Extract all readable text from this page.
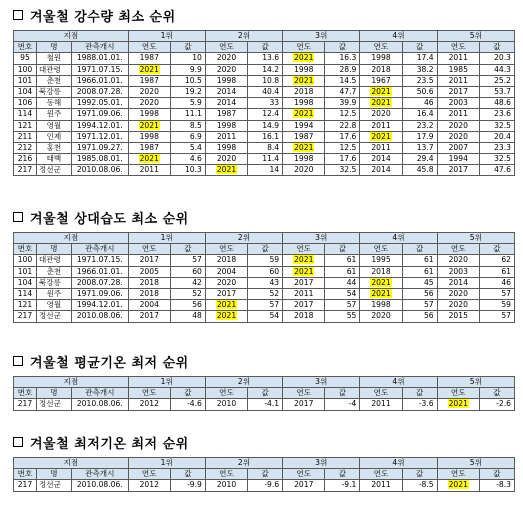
겨울철 강수량 최소 순위
지점			1위		2위		3위		4위		5위	
번호	명	관측개시	연도	값	연도	값	연도	값	연도	값	연도	값
95	철원	1988.01.01.	1987	10	2020	13.6	2021	16.3	1998	17.4	2011	20.3
100	대관령	1971.07.15.	2021	9.9	2020	14.2	1998	28.9	2018	38.2	1985	44.3
101	춘천	1966.01.01.	1987	10.5	1998	10.8	2021	14.5	1967	23.5	2011	25.2
104	북강릉	2008.07.28.	2020	19.2	2014	40.4	2018	47.7	2021	50.6	2017	53.7
106	동해	1992.05.01.	2020	5.9	2014	33	1998	39.9	2021	46	2003	48.6
114	원주	1971.09.06.	1998	11.1	1987	12.4	2021	12.5	2020	16.4	2011	23.6
121	영월	1994.12.01.	2021	8.5	1998	14.9	1994	22.8	2011	23.2	2020	32.5
211	인제	1971.12.01.	1998	6.9	2011	16.1	1987	17.6	2021	17.9	2020	20.4
212	홍천	1971.09.27.	1987	5.4	1998	8.4	2021	12.5	2011	13.7	2007	23.3
216	태백	1985.08.01.	2021	4.6	2020	11.4	1998	17.6	2014	29.4	1994	32.5
217	정선군	2010.08.06.	2011	10.3	2021	14	2020	32.5	2014	45.8	2017	47.6
겨울철 상대습도 최소 순위
지점			1위		2위		3위		4위		5위	
번호	명	관측개시	연도	값	연도	값	연도	값	연도	값	연도	값
100	대관령	1971.07.15.	2017	57	2018	59	2021	61	1995	61	2020	62
101	춘천	1966.01.01.	2005	60	2004	60	2021	61	2018	61	2003	61
104	북강릉	2008.07.28.	2018	42	2020	43	2017	44	2021	45	2014	46
114	원주	1971.09.06.	2018	52	2017	52	2011	54	2021	56	2020	57
121	영월	1994.12.01.	2004	56	2021	57	2017	57	1998	57	2020	59
217	정선군	2010.08.06.	2017	48	2021	54	2018	55	2020	56	2015	57
겨울철 평균기온 최저 순위
지점			1위		2위		3위		4위		5위	
번호	명	관측개시	연도	값	연도	값	연도	값	연도	값	연도	값
217	정선군	2010.08.06.	2012	-4.6	2010	-4.1	2017	-4	2011	-3.6	2021	-2.6
겨울철 최저기온 최저 순위
지점			1위		2위		3위		4위		5위	
번호	명	관측개시	연도	값	연도	값	연도	값	연도	값	연도	값
217	정선군	2010.08.06.	2012	-9.9	2010	-9.6	2017	-9.1	2011	-8.5	2021	-8.3
